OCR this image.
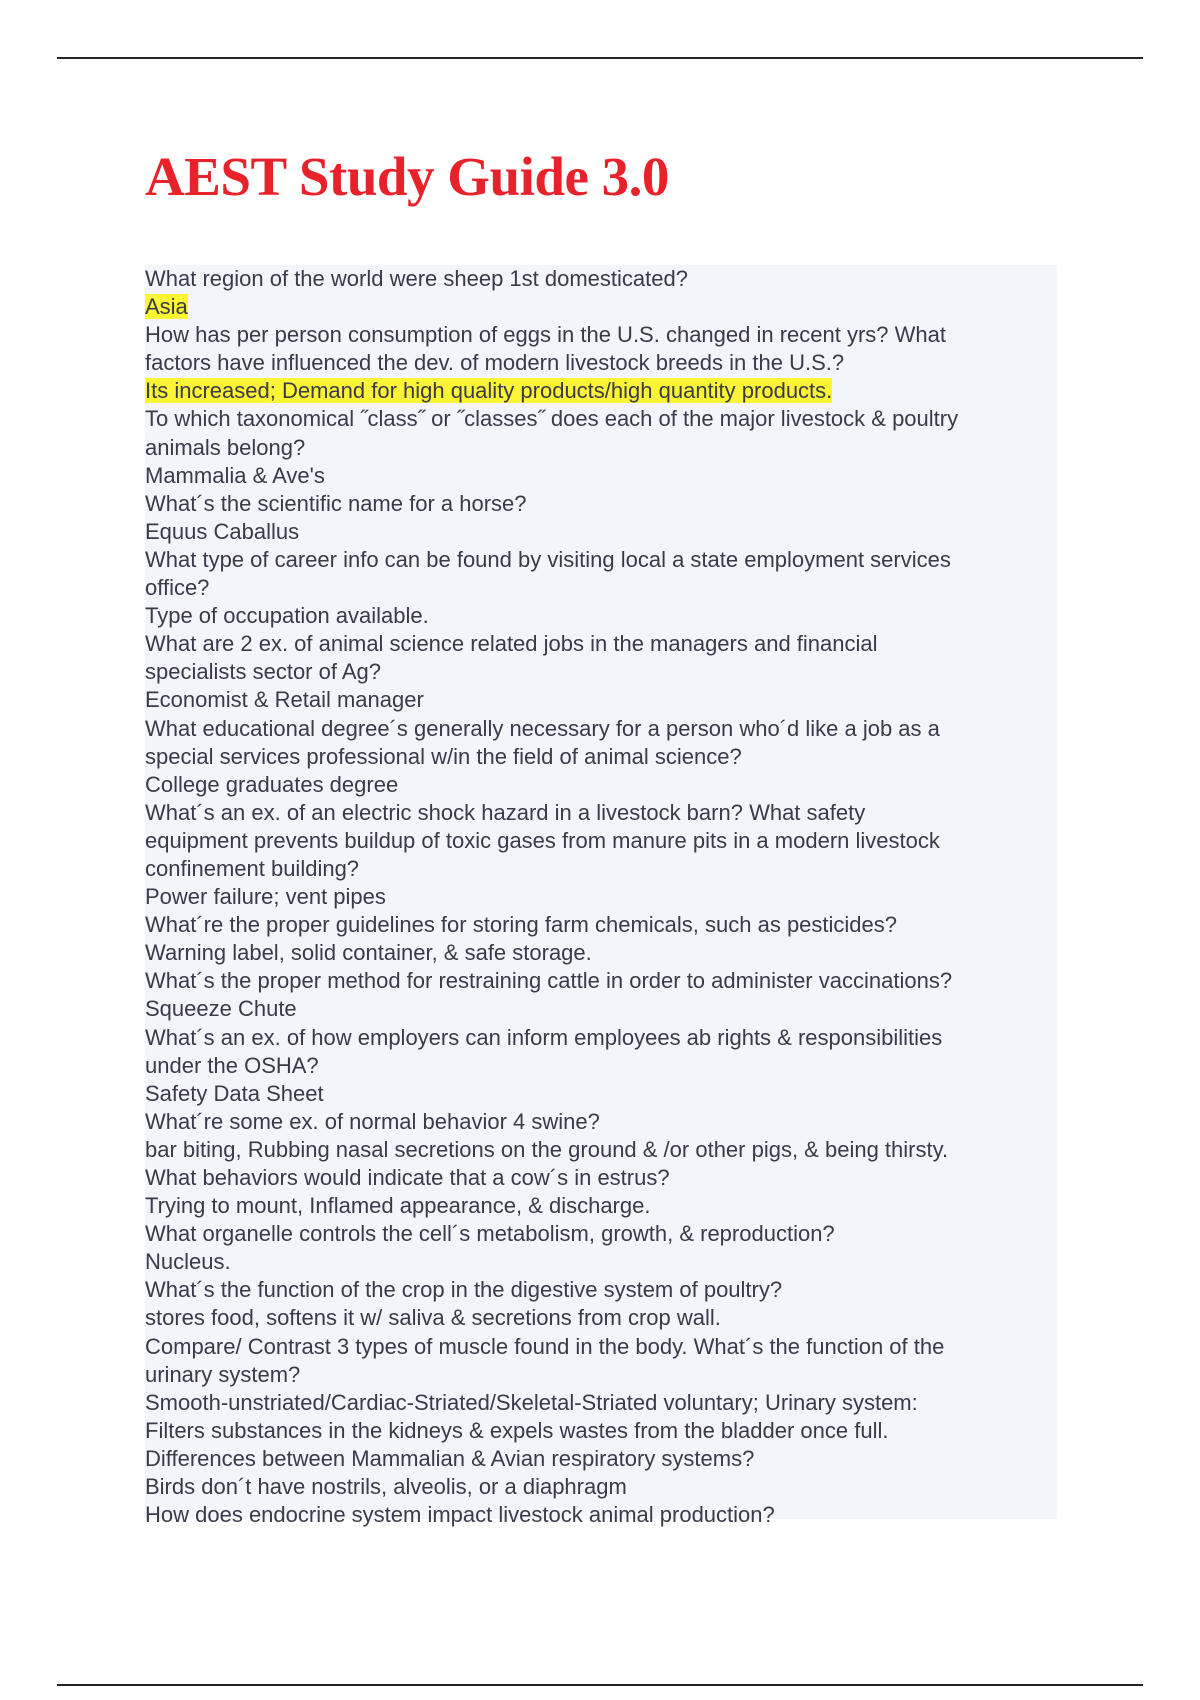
AEST Study Guide 3.0
What region of the world were sheep 1st domesticated?
Asia
How has per person consumption of eggs in the U.S. changed in recent yrs? What
factors have influenced the dev. of modern livestock breeds in the U.S.?
Its increased; Demand for high quality products/high quantity products.
To which taxonomical ˝class˝ or ˝classes˝ does each of the major livestock & poultry
animals belong?
Mammalia & Ave's
What´s the scientific name for a horse?
Equus Caballus
What type of career info can be found by visiting local a state employment services
office?
Type of occupation available.
What are 2 ex. of animal science related jobs in the managers and financial
specialists sector of Ag?
Economist & Retail manager
What educational degree´s generally necessary for a person who´d like a job as a
special services professional w/in the field of animal science?
College graduates degree
What´s an ex. of an electric shock hazard in a livestock barn? What safety
equipment prevents buildup of toxic gases from manure pits in a modern livestock
confinement building?
Power failure; vent pipes
What´re the proper guidelines for storing farm chemicals, such as pesticides?
Warning label, solid container, & safe storage.
What´s the proper method for restraining cattle in order to administer vaccinations?
Squeeze Chute
What´s an ex. of how employers can inform employees ab rights & responsibilities
under the OSHA?
Safety Data Sheet
What´re some ex. of normal behavior 4 swine?
bar biting, Rubbing nasal secretions on the ground & /or other pigs, & being thirsty.
What behaviors would indicate that a cow´s in estrus?
Trying to mount, Inflamed appearance, & discharge.
What organelle controls the cell´s metabolism, growth, & reproduction?
Nucleus.
What´s the function of the crop in the digestive system of poultry?
stores food, softens it w/ saliva & secretions from crop wall.
Compare/ Contrast 3 types of muscle found in the body. What´s the function of the
urinary system?
Smooth-unstriated/Cardiac-Striated/Skeletal-Striated voluntary; Urinary system:
Filters substances in the kidneys & expels wastes from the bladder once full.
Differences between Mammalian & Avian respiratory systems?
Birds don´t have nostrils, alveolis, or a diaphragm
How does endocrine system impact livestock animal production?
